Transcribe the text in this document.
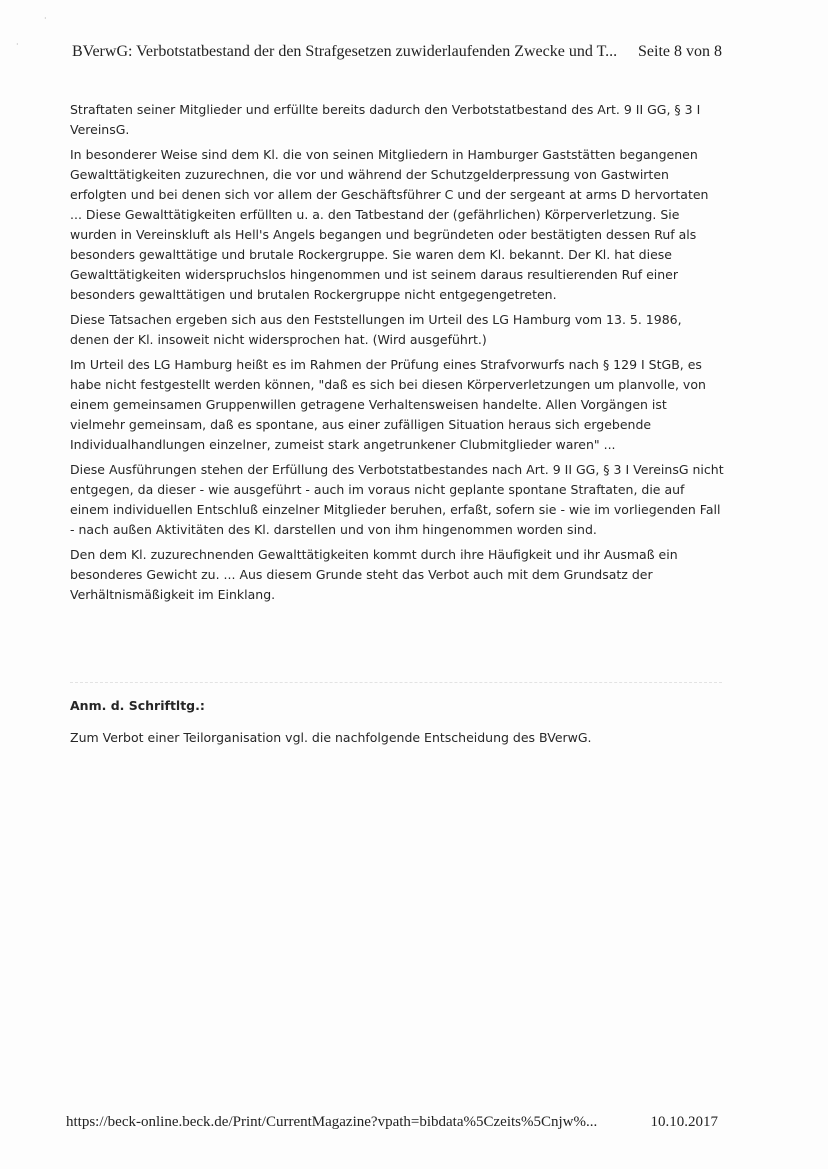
·
·	BVerwG: Verbotstatbestand der den Strafgesetzen zuwiderlaufenden Zwecke und T... Seite 8 von 8

Straftaten seiner Mitglieder und erfüllte bereits dadurch den Verbotstatbestand des Art. 9 II GG, § 3 I VereinsG.

In besonderer Weise sind dem Kl. die von seinen Mitgliedern in Hamburger Gaststätten begangenen Gewalttätigkeiten zuzurechnen, die vor und während der Schutzgelderpressung von Gastwirten erfolgten und bei denen sich vor allem der Geschäftsführer C und der sergeant at arms D hervortaten ... Diese Gewalttätigkeiten erfüllten u. a. den Tatbestand der (gefährlichen) Körperverletzung. Sie wurden in Vereinskluft als Hell's Angels begangen und begründeten oder bestätigten dessen Ruf als besonders gewalttätige und brutale Rockergruppe. Sie waren dem Kl. bekannt. Der Kl. hat diese Gewalttätigkeiten widerspruchslos hingenommen und ist seinem daraus resultierenden Ruf einer besonders gewalttätigen und brutalen Rockergruppe nicht entgegengetreten.

Diese Tatsachen ergeben sich aus den Feststellungen im Urteil des LG Hamburg vom 13. 5. 1986, denen der Kl. insoweit nicht widersprochen hat. (Wird ausgeführt.)

Im Urteil des LG Hamburg heißt es im Rahmen der Prüfung eines Strafvorwurfs nach § 129 I StGB, es habe nicht festgestellt werden können, "daß es sich bei diesen Körperverletzungen um planvolle, von einem gemeinsamen Gruppenwillen getragene Verhaltensweisen handelte. Allen Vorgängen ist vielmehr gemeinsam, daß es spontane, aus einer zufälligen Situation heraus sich ergebende Individualhandlungen einzelner, zumeist stark angetrunkener Clubmitglieder waren" ...

Diese Ausführungen stehen der Erfüllung des Verbotstatbestandes nach Art. 9 II GG, § 3 I VereinsG nicht entgegen, da dieser - wie ausgeführt - auch im voraus nicht geplante spontane Straftaten, die auf einem individuellen Entschluß einzelner Mitglieder beruhen, erfaßt, sofern sie - wie im vorliegenden Fall - nach außen Aktivitäten des Kl. darstellen und von ihm hingenommen worden sind.

Den dem Kl. zuzurechnenden Gewalttätigkeiten kommt durch ihre Häufigkeit und ihr Ausmaß ein besonderes Gewicht zu. ... Aus diesem Grunde steht das Verbot auch mit dem Grundsatz der Verhältnismäßigkeit im Einklang.

Anm. d. Schriftltg.:
Zum Verbot einer Teilorganisation vgl. die nachfolgende Entscheidung des BVerwG.
https://beck-online.beck.de/Print/CurrentMagazine?vpath=bibdata%5Czeits%5Cnjw%...	10.10.2017
